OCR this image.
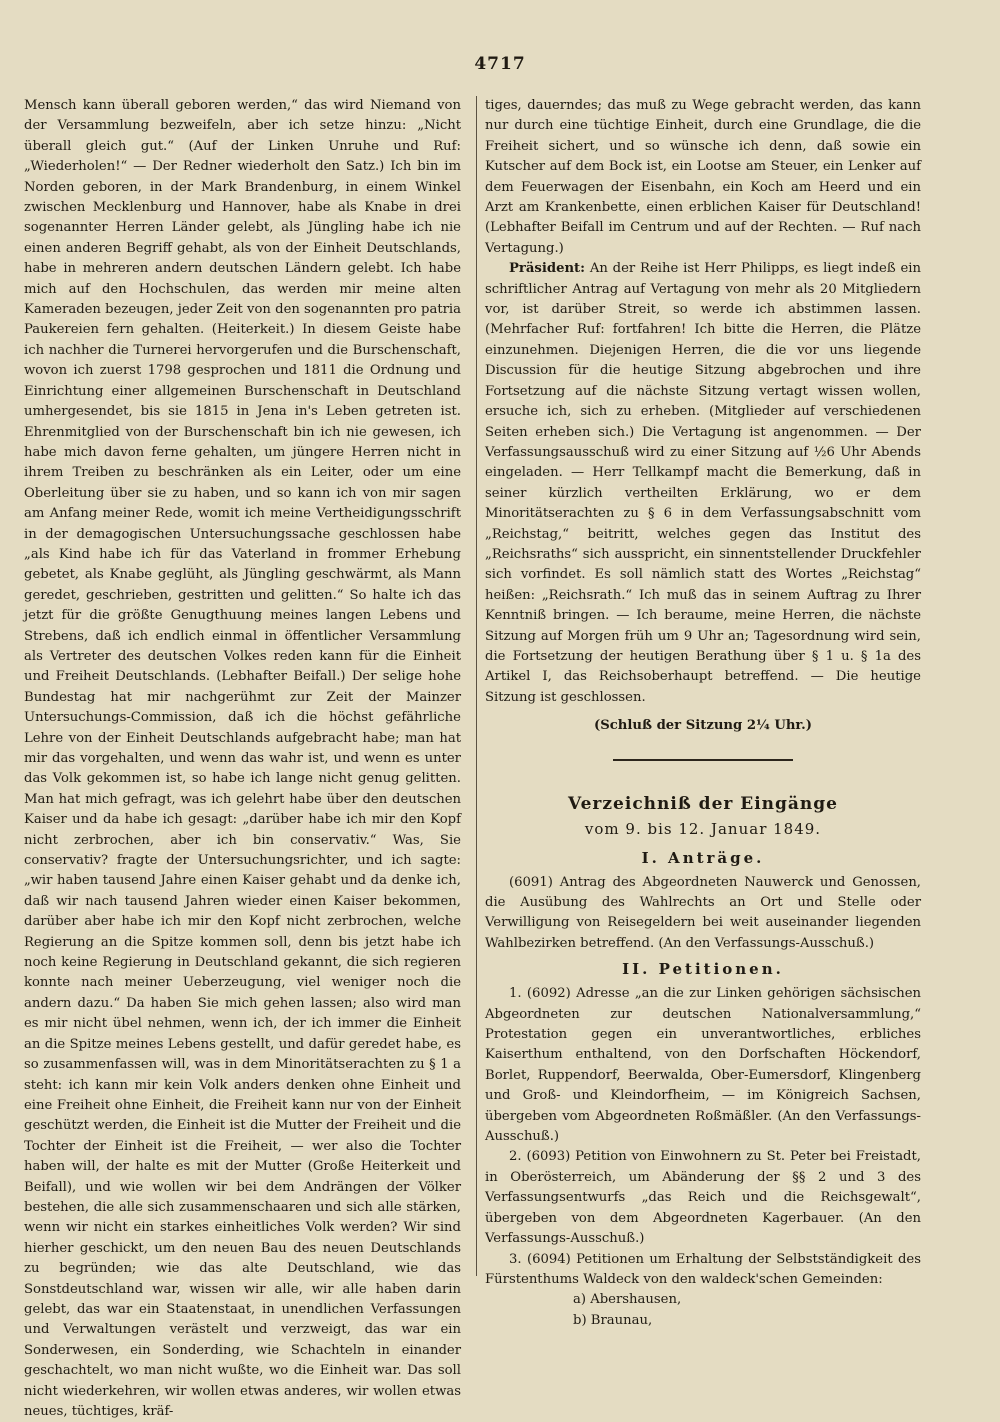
4717

Mensch kann überall geboren werden,“ das wird Niemand von der Versammlung bezweifeln, aber ich setze hinzu: „Nicht überall gleich gut.“ (Auf der Linken Unruhe und Ruf: „Wiederholen!“ — Der Redner wiederholt den Satz.) Ich bin im Norden geboren, in der Mark Brandenburg, in einem Winkel zwischen Mecklenburg und Hannover, habe als Knabe in drei sogenannter Herren Länder gelebt, als Jüngling habe ich nie einen anderen Begriff gehabt, als von der Einheit Deutschlands, habe in mehreren andern deutschen Ländern gelebt. Ich habe mich auf den Hochschulen, das werden mir meine alten Kameraden bezeugen, jeder Zeit von den sogenannten pro patria Paukereien fern gehalten. (Heiterkeit.) In diesem Geiste habe ich nachher die Turnerei hervorgerufen und die Burschenschaft, wovon ich zuerst 1798 gesprochen und 1811 die Ordnung und Einrichtung einer allgemeinen Burschenschaft in Deutschland umhergesendet, bis sie 1815 in Jena in's Leben getreten ist. Ehrenmitglied von der Burschenschaft bin ich nie gewesen, ich habe mich davon ferne gehalten, um jüngere Herren nicht in ihrem Treiben zu beschränken als ein Leiter, oder um eine Oberleitung über sie zu haben, und so kann ich von mir sagen am Anfang meiner Rede, womit ich meine Vertheidigungsschrift in der demagogischen Untersuchungssache geschlossen habe „als Kind habe ich für das Vaterland in frommer Erhebung gebetet, als Knabe geglüht, als Jüngling geschwärmt, als Mann geredet, geschrieben, gestritten und gelitten.“ So halte ich das jetzt für die größte Genugthuung meines langen Lebens und Strebens, daß ich endlich einmal in öffentlicher Versammlung als Vertreter des deutschen Volkes reden kann für die Einheit und Freiheit Deutschlands. (Lebhafter Beifall.) Der selige hohe Bundestag hat mir nachgerühmt zur Zeit der Mainzer Untersuchungs-Commission, daß ich die höchst gefährliche Lehre von der Einheit Deutschlands aufgebracht habe; man hat mir das vorgehalten, und wenn das wahr ist, und wenn es unter das Volk gekommen ist, so habe ich lange nicht genug gelitten. Man hat mich gefragt, was ich gelehrt habe über den deutschen Kaiser und da habe ich gesagt: „darüber habe ich mir den Kopf nicht zerbrochen, aber ich bin conservativ.“ Was, Sie conservativ? fragte der Untersuchungsrichter, und ich sagte: „wir haben tausend Jahre einen Kaiser gehabt und da denke ich, daß wir nach tausend Jahren wieder einen Kaiser bekommen, darüber aber habe ich mir den Kopf nicht zerbrochen, welche Regierung an die Spitze kommen soll, denn bis jetzt habe ich noch keine Regierung in Deutschland gekannt, die sich regieren konnte nach meiner Ueberzeugung, viel weniger noch die andern dazu.“ Da haben Sie mich gehen lassen; also wird man es mir nicht übel nehmen, wenn ich, der ich immer die Einheit an die Spitze meines Lebens gestellt, und dafür geredet habe, es so zusammenfassen will, was in dem Minoritätserachten zu § 1 a steht: ich kann mir kein Volk anders denken ohne Einheit und eine Freiheit ohne Einheit, die Freiheit kann nur von der Einheit geschützt werden, die Einheit ist die Mutter der Freiheit und die Tochter der Einheit ist die Freiheit, — wer also die Tochter haben will, der halte es mit der Mutter (Große Heiterkeit und Beifall), und wie wollen wir bei dem Andrängen der Völker bestehen, die alle sich zusammenschaaren und sich alle stärken, wenn wir nicht ein starkes einheitliches Volk werden? Wir sind hierher geschickt, um den neuen Bau des neuen Deutschlands zu begründen; wie das alte Deutschland, wie das Sonstdeutschland war, wissen wir alle, wir alle haben darin gelebt, das war ein Staatenstaat, in unendlichen Verfassungen und Verwaltungen verästelt und verzweigt, das war ein Sonderwesen, ein Sonderding, wie Schachteln in einander geschachtelt, wo man nicht wußte, wo die Einheit war. Das soll nicht wiederkehren, wir wollen etwas anderes, wir wollen etwas neues, tüchtiges, kräf-

tiges, dauerndes; das muß zu Wege gebracht werden, das kann nur durch eine tüchtige Einheit, durch eine Grundlage, die die Freiheit sichert, und so wünsche ich denn, daß sowie ein Kutscher auf dem Bock ist, ein Lootse am Steuer, ein Lenker auf dem Feuerwagen der Eisenbahn, ein Koch am Heerd und ein Arzt am Krankenbette, einen erblichen Kaiser für Deutschland! (Lebhafter Beifall im Centrum und auf der Rechten. — Ruf nach Vertagung.)

Präsident: An der Reihe ist Herr Philipps, es liegt indeß ein schriftlicher Antrag auf Vertagung von mehr als 20 Mitgliedern vor, ist darüber Streit, so werde ich abstimmen lassen. (Mehrfacher Ruf: fortfahren! Ich bitte die Herren, die Plätze einzunehmen. Diejenigen Herren, die die vor uns liegende Discussion für die heutige Sitzung abgebrochen und ihre Fortsetzung auf die nächste Sitzung vertagt wissen wollen, ersuche ich, sich zu erheben. (Mitglieder auf verschiedenen Seiten erheben sich.) Die Vertagung ist angenommen. — Der Verfassungsausschuß wird zu einer Sitzung auf ½6 Uhr Abends eingeladen. — Herr Tellkampf macht die Bemerkung, daß in seiner kürzlich vertheilten Erklärung, wo er dem Minoritätserachten zu § 6 in dem Verfassungsabschnitt vom „Reichstag,“ beitritt, welches gegen das Institut des „Reichsraths“ sich ausspricht, ein sinnentstellender Druckfehler sich vorfindet. Es soll nämlich statt des Wortes „Reichstag“ heißen: „Reichsrath.“ Ich muß das in seinem Auftrag zu Ihrer Kenntniß bringen. — Ich beraume, meine Herren, die nächste Sitzung auf Morgen früh um 9 Uhr an; Tagesordnung wird sein, die Fortsetzung der heutigen Berathung über § 1 u. § 1a des Artikel I, das Reichsoberhaupt betreffend. — Die heutige Sitzung ist geschlossen.

(Schluß der Sitzung 2¼ Uhr.)

Verzeichniß der Eingänge

vom 9. bis 12. Januar 1849.

I. Anträge.

(6091) Antrag des Abgeordneten Nauwerck und Genossen, die Ausübung des Wahlrechts an Ort und Stelle oder Verwilligung von Reisegeldern bei weit auseinander liegenden Wahlbezirken betreffend. (An den Verfassungs-Ausschuß.)

II. Petitionen.

1. (6092) Adresse „an die zur Linken gehörigen sächsischen Abgeordneten zur deutschen Nationalversammlung,“ Protestation gegen ein unverantwortliches, erbliches Kaiserthum enthaltend, von den Dorfschaften Höckendorf, Borlet, Ruppendorf, Beerwalda, Ober-Eumersdorf, Klingenberg und Groß- und Kleindorfheim, — im Königreich Sachsen, übergeben vom Abgeordneten Roßmäßler. (An den Verfassungs-Ausschuß.)

2. (6093) Petition von Einwohnern zu St. Peter bei Freistadt, in Oberösterreich, um Abänderung der §§ 2 und 3 des Verfassungsentwurfs „das Reich und die Reichsgewalt“, übergeben von dem Abgeordneten Kagerbauer. (An den Verfassungs-Ausschuß.)

3. (6094) Petitionen um Erhaltung der Selbstständigkeit des Fürstenthums Waldeck von den waldeck'schen Gemeinden:

a) Abershausen,
b) Braunau,
